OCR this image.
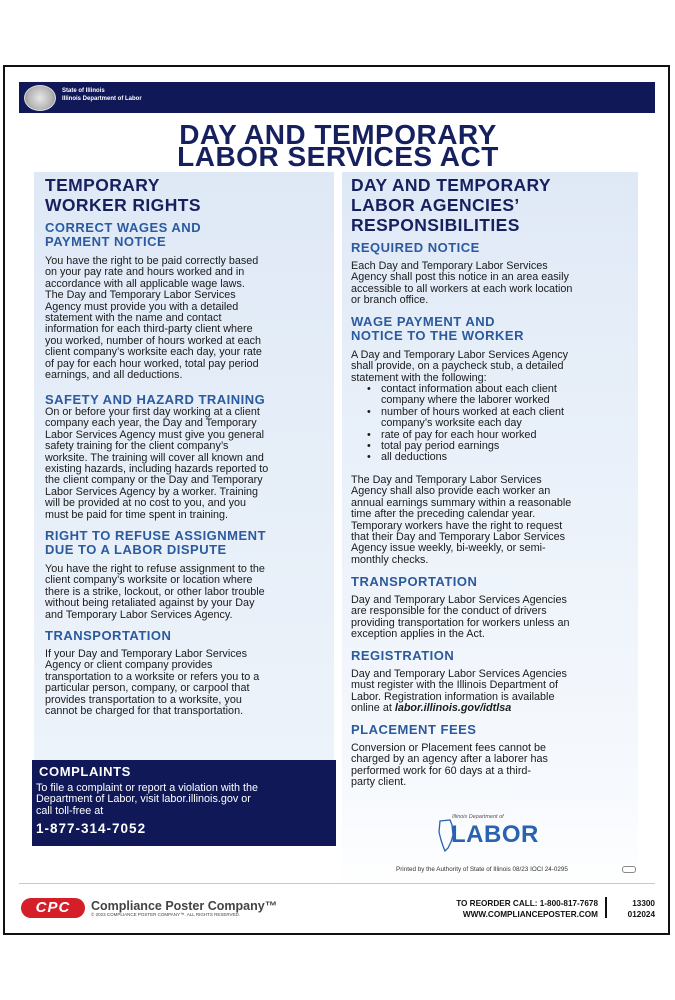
State of Illinois
Illinois Department of Labor
DAY AND TEMPORARY
LABOR SERVICES ACT
TEMPORARY
WORKER RIGHTS
CORRECT WAGES AND
PAYMENT NOTICE
You have the right to be paid correctly based
on your pay rate and hours worked and in
accordance with all applicable wage laws.
The Day and Temporary Labor Services
Agency must provide you with a detailed
statement with the name and contact
information for each third-party client where
you worked, number of hours worked at each
client company’s worksite each day, your rate
of pay for each hour worked, total pay period
earnings, and all deductions.
SAFETY AND HAZARD TRAINING
On or before your first day working at a client
company each year, the Day and Temporary
Labor Services Agency must give you general
safety training for the client company’s
worksite. The training will cover all known and
existing hazards, including hazards reported to
the client company or the Day and Temporary
Labor Services Agency by a worker. Training
will be provided at no cost to you, and you
must be paid for time spent in training.
RIGHT TO REFUSE ASSIGNMENT
DUE TO A LABOR DISPUTE
You have the right to refuse assignment to the
client company’s worksite or location where
there is a strike, lockout, or other labor trouble
without being retaliated against by your Day
and Temporary Labor Services Agency.
TRANSPORTATION
If your Day and Temporary Labor Services
Agency or client company provides
transportation to a worksite or refers you to a
particular person, company, or carpool that
provides transportation to a worksite, you
cannot be charged for that transportation.
COMPLAINTS
To file a complaint or report a violation with the
Department of Labor, visit labor.illinois.gov or
call toll-free at
1-877-314-7052
DAY AND TEMPORARY
LABOR AGENCIES’
RESPONSIBILITIES
REQUIRED NOTICE
Each Day and Temporary Labor Services
Agency shall post this notice in an area easily
accessible to all workers at each work location
or branch office.
WAGE PAYMENT AND
NOTICE TO THE WORKER
A Day and Temporary Labor Services Agency
shall provide, on a paycheck stub, a detailed
statement with the following:
• contact information about each client
company where the laborer worked
• number of hours worked at each client
company’s worksite each day
• rate of pay for each hour worked
• total pay period earnings
• all deductions
The Day and Temporary Labor Services
Agency shall also provide each worker an
annual earnings summary within a reasonable
time after the preceding calendar year.
Temporary workers have the right to request
that their Day and Temporary Labor Services
Agency issue weekly, bi-weekly, or semi-
monthly checks.
TRANSPORTATION
Day and Temporary Labor Services Agencies
are responsible for the conduct of drivers
providing transportation for workers unless an
exception applies in the Act.
REGISTRATION
Day and Temporary Labor Services Agencies
must register with the Illinois Department of
Labor. Registration information is available
online at labor.illinois.gov/idtlsa
PLACEMENT FEES
Conversion or Placement fees cannot be
charged by an agency after a laborer has
performed work for 60 days at a third-
party client.
Illinois Department of
LABOR
Printed by the Authority of State of Illinois 08/23 IOCI 24-0295
CPC	Compliance Poster Company™
© 2023 COMPLIANCE POSTER COMPANY™. ALL RIGHTS RESERVED.
TO REORDER CALL: 1-800-817-7678
WWW.COMPLIANCEPOSTER.COM
13300
012024
